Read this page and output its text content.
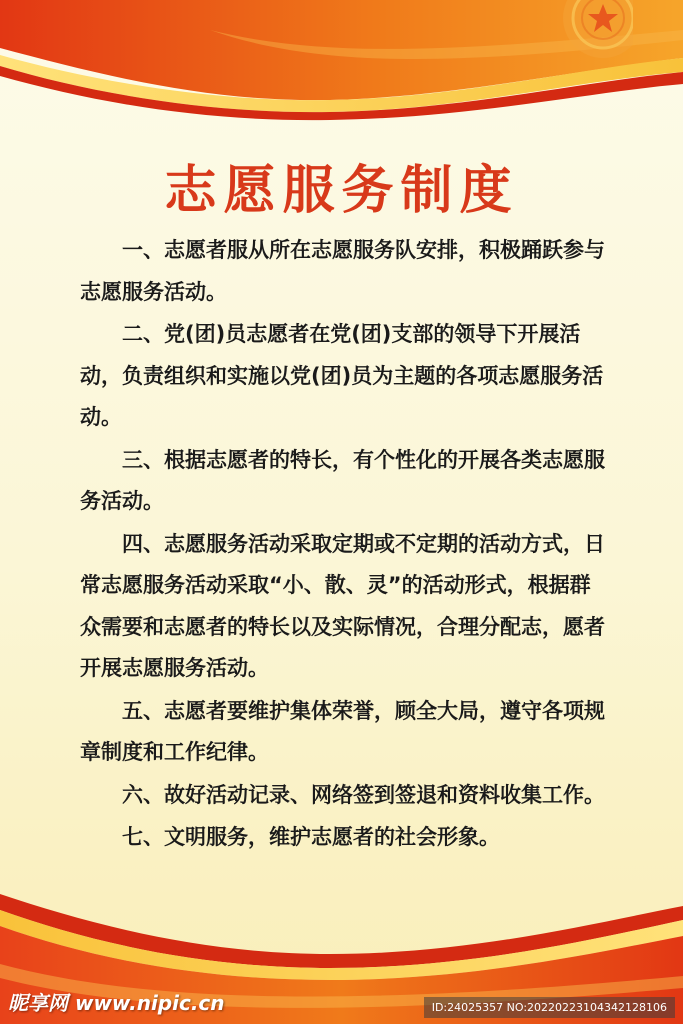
志愿服务制度

一、志愿者服从所在志愿服务队安排，积极踊跃参与志愿服务活动。

二、党(团)员志愿者在党(团)支部的领导下开展活动，负责组织和实施以党(团)员为主题的各项志愿服务活动。

三、根据志愿者的特长，有个性化的开展各类志愿服务活动。

四、志愿服务活动采取定期或不定期的活动方式，日常志愿服务活动采取“小、散、灵”的活动形式，根据群众需要和志愿者的特长以及实际情况，合理分配志，愿者开展志愿服务活动。

五、志愿者要维护集体荣誉，顾全大局，遵守各项规章制度和工作纪律。

六、故好活动记录、网络签到签退和资料收集工作。

七、文明服务，维护志愿者的社会形象。

昵享网 www.nipic.cn	ID:24025357 NO:20220223104342128106
